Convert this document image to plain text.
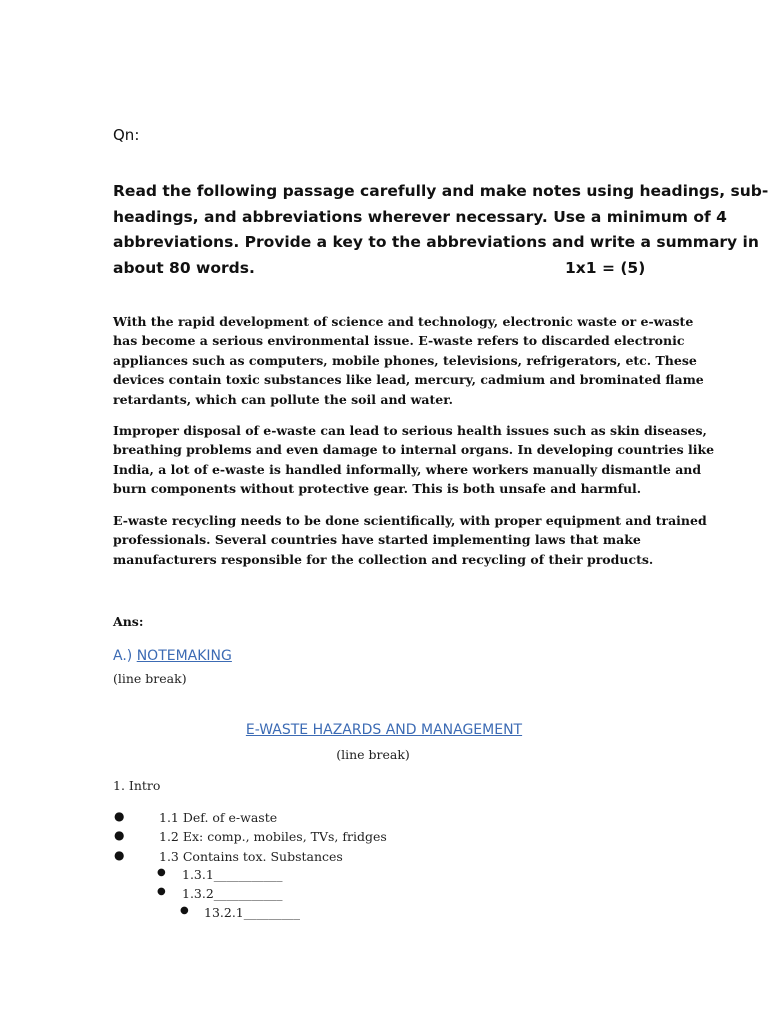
Qn:
Read the following passage carefully and make notes using headings, sub-
headings, and abbreviations wherever necessary. Use a minimum of 4
abbreviations. Provide a key to the abbreviations and write a summary in
about 80 words.	1x1 = (5)
With the rapid development of science and technology, electronic waste or e-waste
has become a serious environmental issue. E-waste refers to discarded electronic
appliances such as computers, mobile phones, televisions, refrigerators, etc. These
devices contain toxic substances like lead, mercury, cadmium and brominated flame
retardants, which can pollute the soil and water.
Improper disposal of e-waste can lead to serious health issues such as skin diseases,
breathing problems and even damage to internal organs. In developing countries like
India, a lot of e-waste is handled informally, where workers manually dismantle and
burn components without protective gear. This is both unsafe and harmful.
E-waste recycling needs to be done scientifically, with proper equipment and trained
professionals. Several countries have started implementing laws that make
manufacturers responsible for the collection and recycling of their products.
Ans:
A.) NOTEMAKING
(line break)
E-WASTE HAZARDS AND MANAGEMENT
(line break)
1. Intro
●	1.1 Def. of e-waste
●	1.2 Ex: comp., mobiles, TVs, fridges
●	1.3 Contains tox. Substances
● 1.3.1___________
● 1.3.2___________
● 13.2.1_________
